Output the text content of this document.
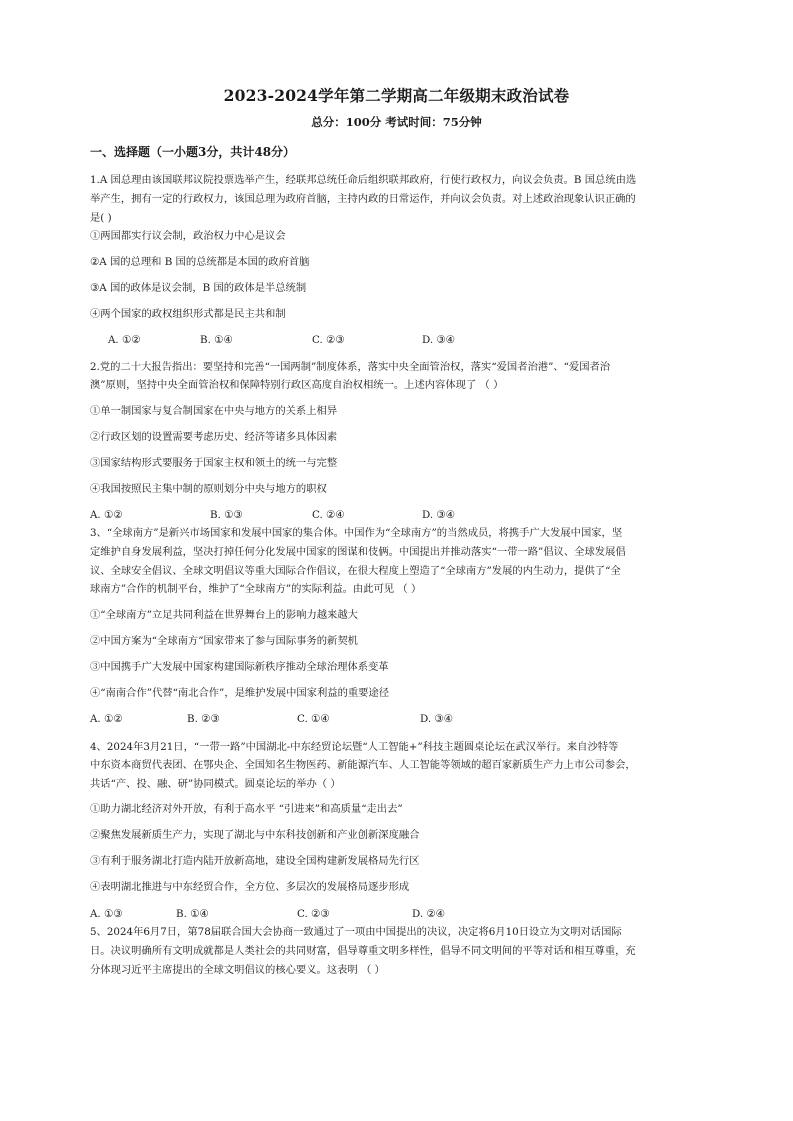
2023-2024学年第二学期高二年级期末政治试卷
总分：100分 考试时间：75分钟
一、选择题（一小题3分，共计48分）
1.A 国总理由该国联邦议院投票选举产生，经联邦总统任命后组织联邦政府，行使行政权力，向议会负责。B 国总统由选
举产生，拥有一定的行政权力，该国总理为政府首脑，主持内政的日常运作，并向议会负责。对上述政治现象认识正确的
是( )
①两国都实行议会制，政治权力中心是议会
②A 国的总理和 B 国的总统都是本国的政府首脑
③A 国的政体是议会制，B 国的政体是半总统制
④两个国家的政权组织形式都是民主共和制
A. ①②	B. ①④	C. ②③	D. ③④
2.党的二十大报告指出：要坚持和完善“一国两制”制度体系，落实中央全面管治权，落实“爱国者治港”、“爱国者治
澳”原则，坚持中央全面管治权和保障特别行政区高度自治权相统一。上述内容体现了 （ ）
①单一制国家与复合制国家在中央与地方的关系上相异
②行政区划的设置需要考虑历史、经济等诸多具体因素
③国家结构形式要服务于国家主权和领土的统一与完整
④我国按照民主集中制的原则划分中央与地方的职权
A. ①②	B. ①③	C. ②④	D. ③④
3、“全球南方”是新兴市场国家和发展中国家的集合体。中国作为“全球南方”的当然成员，将携手广大发展中国家，坚
定维护自身发展利益，坚决打掉任何分化发展中国家的图谋和伎俩。中国提出并推动落实“一带一路”倡议、全球发展倡
议、全球安全倡议、全球文明倡议等重大国际合作倡议，在很大程度上塑造了“全球南方”发展的内生动力，提供了“全
球南方”合作的机制平台，维护了“全球南方”的实际利益。由此可见 （ ）
①“全球南方”立足共同利益在世界舞台上的影响力越来越大
②中国方案为“全球南方”国家带来了参与国际事务的新契机
③中国携手广大发展中国家构建国际新秩序推动全球治理体系变革
④“南南合作”代替“南北合作”，是维护发展中国家利益的重要途径
A. ①②	B. ②③	C. ①④	D. ③④
4、2024年3月21日，“一带一路”中国湖北-中东经贸论坛暨“人工智能+”科技主题圆桌论坛在武汉举行。来自沙特等
中东资本商贸代表团、在鄂央企、全国知名生物医药、新能源汽车、人工智能等领域的超百家新质生产力上市公司参会，
共话“产、投、融、研”协同模式。圆桌论坛的举办（ ）
①助力湖北经济对外开放，有利于高水平 “引进来”和高质量“走出去”
②聚焦发展新质生产力，实现了湖北与中东科技创新和产业创新深度融合
③有利于服务湖北打造内陆开放新高地，建设全国构建新发展格局先行区
④表明湖北推进与中东经贸合作，全方位、多层次的发展格局逐步形成
A. ①③	B. ①④	C. ②③	D. ②④
5、2024年6月7日，第78届联合国大会协商一致通过了一项由中国提出的决议，决定将6月10日设立为文明对话国际
日。决议明确所有文明成就都是人类社会的共同财富，倡导尊重文明多样性，倡导不同文明间的平等对话和相互尊重，充
分体现习近平主席提出的全球文明倡议的核心要义。这表明 （ ）
